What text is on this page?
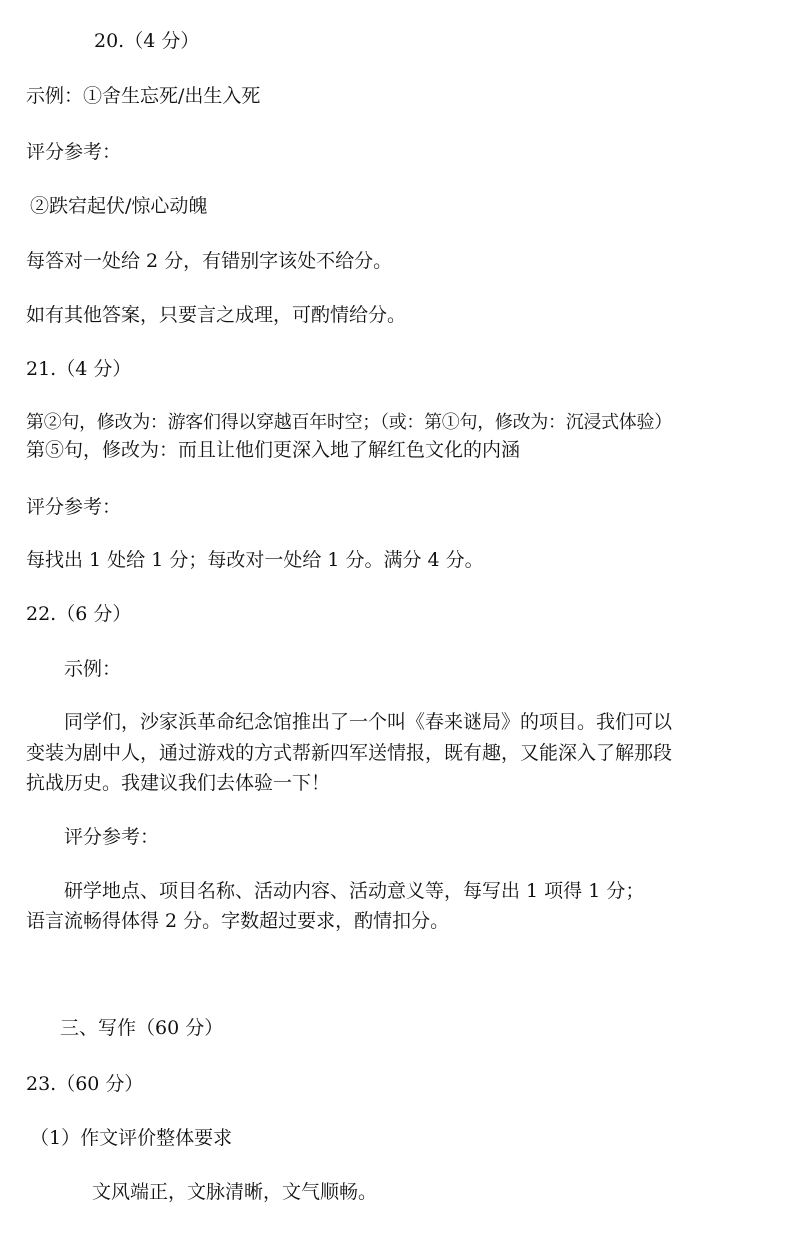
20.（4 分）
示例：①舍生忘死/出生入死
评分参考：
②跌宕起伏/惊心动魄
每答对一处给 2 分，有错别字该处不给分。
如有其他答案，只要言之成理，可酌情给分。
21.（4 分）
第②句，修改为：游客们得以穿越百年时空；（或：第①句，修改为：沉浸式体验）
第⑤句，修改为：而且让他们更深入地了解红色文化的内涵
评分参考：
每找出 1 处给 1 分；每改对一处给 1 分。满分 4 分。
22.（6 分）
示例：
同学们，沙家浜革命纪念馆推出了一个叫《春来谜局》的项目。我们可以
变装为剧中人，通过游戏的方式帮新四军送情报，既有趣，又能深入了解那段
抗战历史。我建议我们去体验一下！
评分参考：
研学地点、项目名称、活动内容、活动意义等，每写出 1 项得 1 分；
语言流畅得体得 2 分。字数超过要求，酌情扣分。
三、写作（60 分）
23.（60 分）
（1）作文评价整体要求
文风端正，文脉清晰，文气顺畅。
